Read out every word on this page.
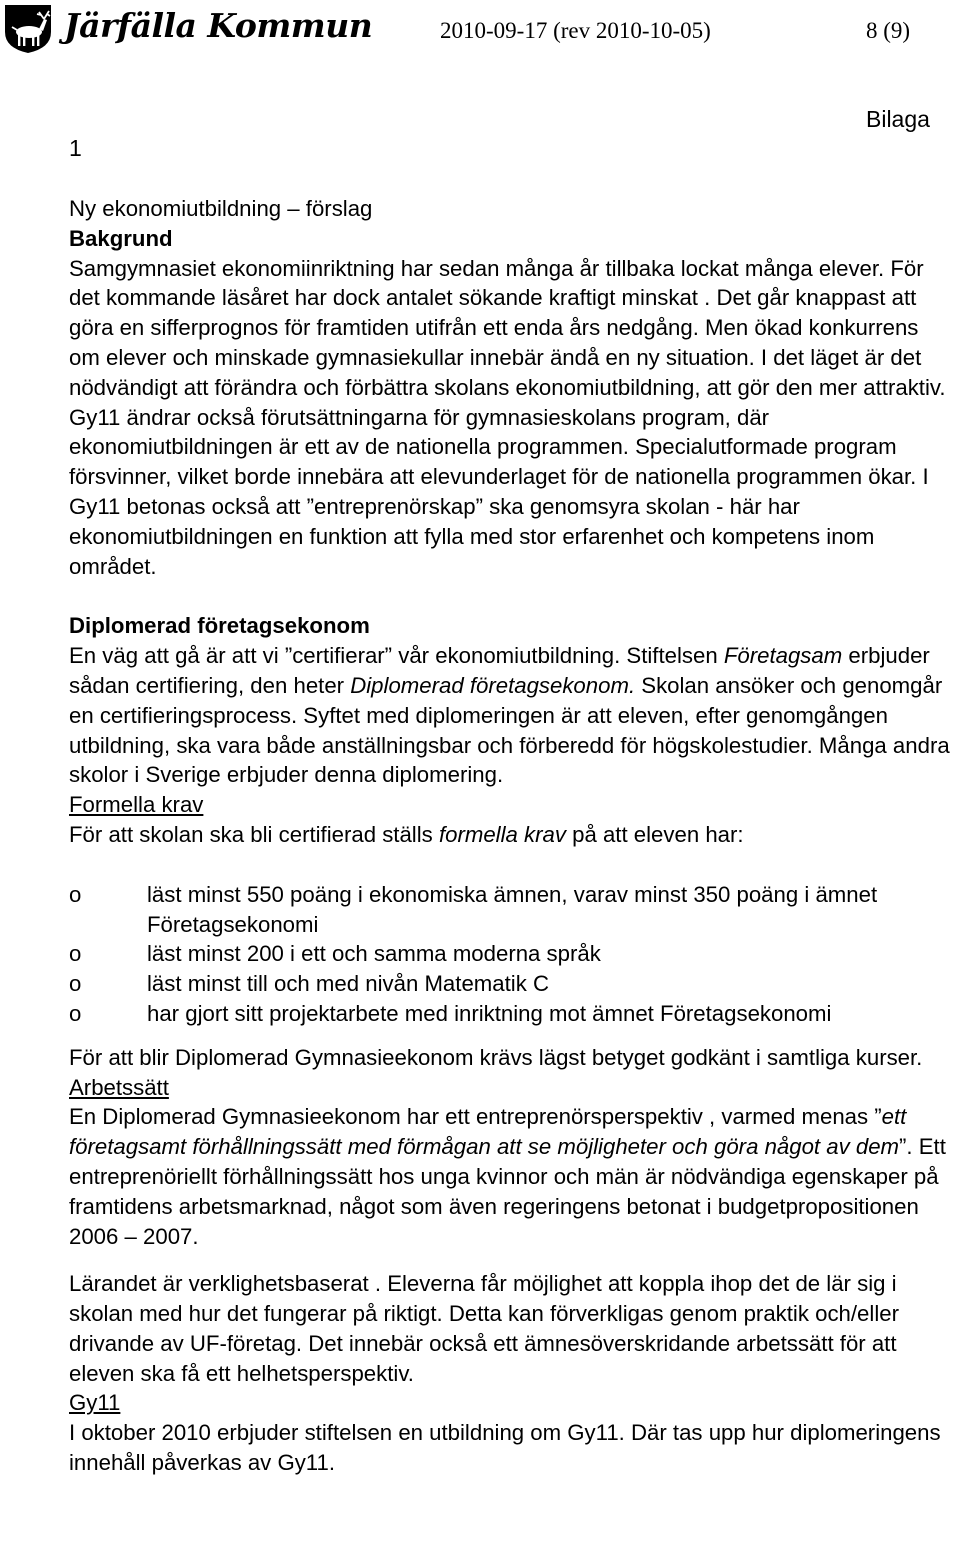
Järfälla Kommun	2010-09-17 (rev 2010-10-05)	8 (9)
Bilaga
1

Ny ekonomiutbildning – förslag

Bakgrund

Samgymnasiet ekonomiinriktning har sedan många år tillbaka lockat många elever. För det kommande läsåret har dock antalet sökande kraftigt minskat . Det går knappast att göra en sifferprognos för framtiden utifrån ett enda års nedgång. Men ökad konkurrens om elever och minskade gymnasiekullar innebär ändå en ny situation. I det läget är det nödvändigt att förändra och förbättra skolans ekonomiutbildning, att gör den mer attraktiv. Gy11 ändrar också förutsättningarna för gymnasieskolans program, där ekonomiutbildningen är ett av de nationella programmen. Specialutformade program försvinner, vilket borde innebära att elevunderlaget för de nationella programmen ökar. I Gy11 betonas också att ”entreprenörskap” ska genomsyra skolan - här har ekonomiutbildningen en funktion att fylla med stor erfarenhet och kompetens inom området.

Diplomerad företagsekonom

En väg att gå är att vi ”certifierar” vår ekonomiutbildning. Stiftelsen Företagsam erbjuder sådan certifiering, den heter Diplomerad företagsekonom. Skolan ansöker och genomgår en certifieringsprocess. Syftet med diplomeringen är att eleven, efter genomgången utbildning, ska vara både anställningsbar och förberedd för högskolestudier. Många andra skolor i Sverige erbjuder denna diplomering.

Formella krav

För att skolan ska bli certifierad ställs formella krav på att eleven har:

o	läst minst 550 poäng i ekonomiska ämnen, varav minst 350 poäng i ämnet Företagsekonomi
o	läst minst 200 i ett och samma moderna språk
o	läst minst till och med nivån Matematik C
o	har gjort sitt projektarbete med inriktning mot ämnet Företagsekonomi

För att blir Diplomerad Gymnasieekonom krävs lägst betyget godkänt i samtliga kurser.

Arbetssätt

En Diplomerad Gymnasieekonom har ett entreprenörsperspektiv , varmed menas ”ett företagsamt förhållningssätt med förmågan att se möjligheter och göra något av dem”. Ett entreprenöriellt förhållningssätt hos unga kvinnor och män är nödvändiga egenskaper på framtidens arbetsmarknad, något som även regeringens betonat i budgetpropositionen 2006 – 2007.

Lärandet är verklighetsbaserat . Eleverna får möjlighet att koppla ihop det de lär sig i skolan med hur det fungerar på riktigt. Detta kan förverkligas genom praktik och/eller drivande av UF-företag. Det innebär också ett ämnesöverskridande arbetssätt för att eleven ska få ett helhetsperspektiv.

Gy11

I oktober 2010 erbjuder stiftelsen en utbildning om Gy11. Där tas upp hur diplomeringens innehåll påverkas av Gy11.
